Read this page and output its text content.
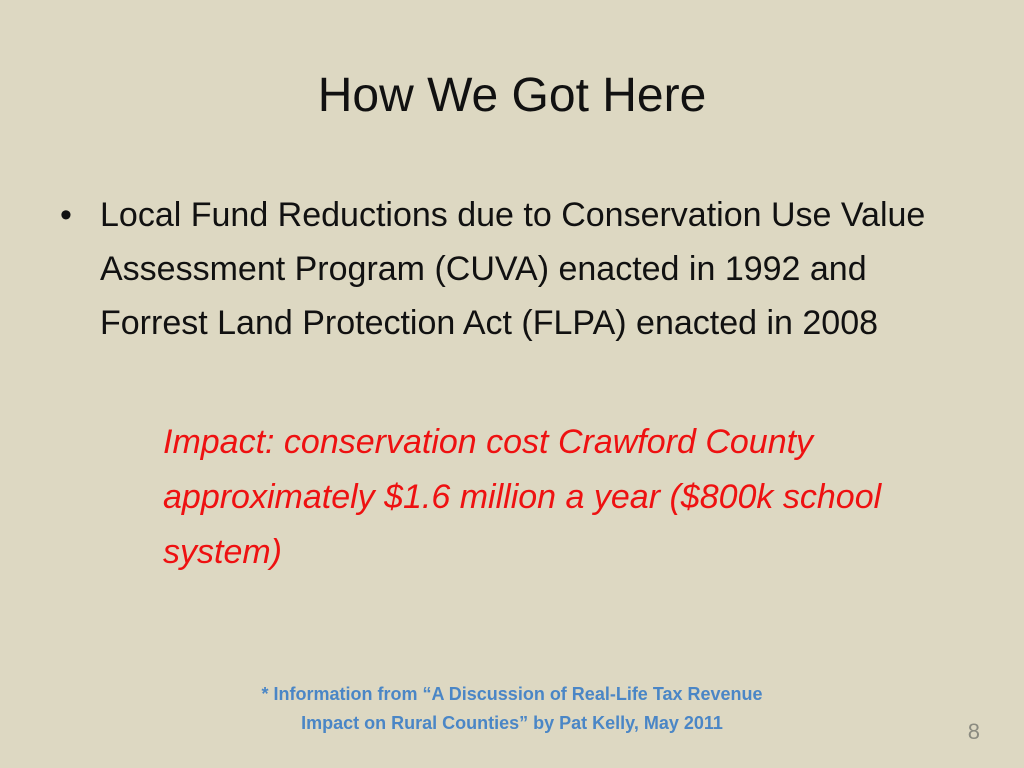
How We Got Here
• Local Fund Reductions due to Conservation Use Value Assessment Program (CUVA) enacted in 1992 and Forrest Land Protection Act (FLPA) enacted in 2008
Impact: conservation cost Crawford County approximately $1.6 million a year ($800k school system)
* Information from “A Discussion of Real-Life Tax Revenue
Impact on Rural Counties” by Pat Kelly, May 2011	8
